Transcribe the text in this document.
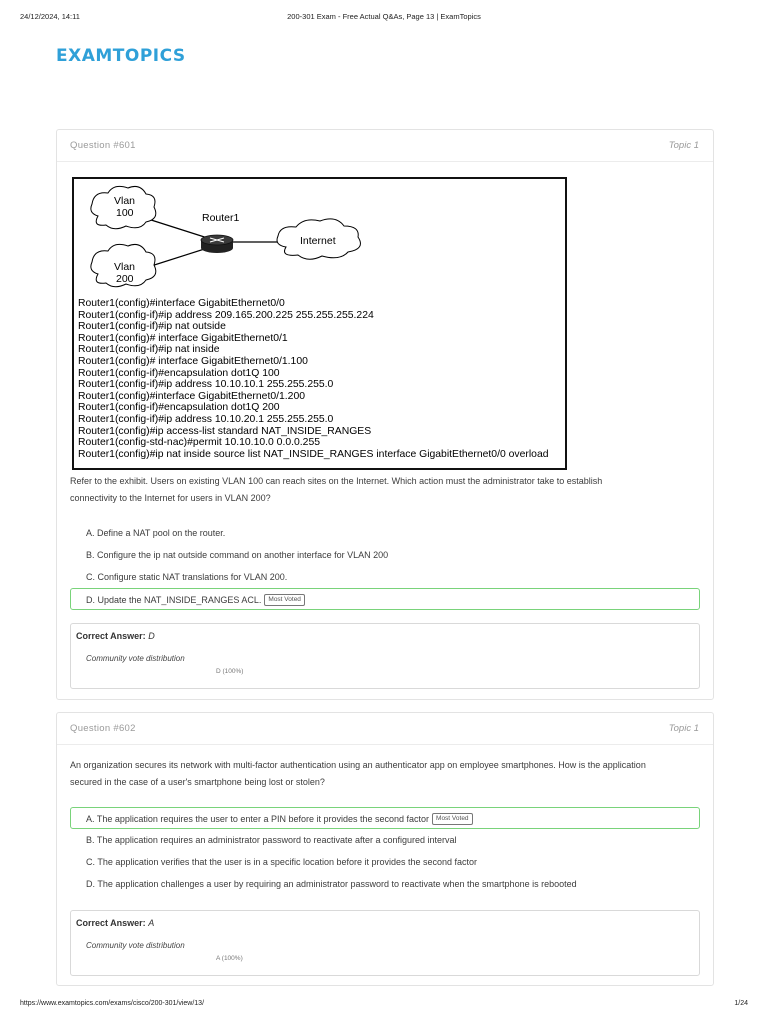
24/12/2024, 14:11	200-301 Exam - Free Actual Q&As, Page 13 | ExamTopics
EXAMTOPICS
Question #601	Topic 1
Vlan
100
Vlan
200
Router1
Internet
Router1(config)#interface GigabitEthernet0/0
Router1(config-if)#ip address 209.165.200.225 255.255.255.224
Router1(config-if)#ip nat outside
Router1(config)# interface GigabitEthernet0/1
Router1(config-if)#ip nat inside
Router1(config)# interface GigabitEthernet0/1.100
Router1(config-if)#encapsulation dot1Q 100
Router1(config-if)#ip address 10.10.10.1 255.255.255.0
Router1(config)#interface GigabitEthernet0/1.200
Router1(config-if)#encapsulation dot1Q 200
Router1(config-if)#ip address 10.10.20.1 255.255.255.0
Router1(config)#ip access-list standard NAT_INSIDE_RANGES
Router1(config-std-nac)#permit 10.10.10.0 0.0.0.255
Router1(config)#ip nat inside source list NAT_INSIDE_RANGES interface GigabitEthernet0/0 overload
Refer to the exhibit. Users on existing VLAN 100 can reach sites on the Internet. Which action must the administrator take to establish
connectivity to the Internet for users in VLAN 200?
A. Define a NAT pool on the router.
B. Configure the ip nat outside command on another interface for VLAN 200
C. Configure static NAT translations for VLAN 200.
D. Update the NAT_INSIDE_RANGES ACL. Most Voted
Correct Answer: D
Community vote distribution
D (100%)
Question #602	Topic 1
An organization secures its network with multi-factor authentication using an authenticator app on employee smartphones. How is the application
secured in the case of a user's smartphone being lost or stolen?
A. The application requires the user to enter a PIN before it provides the second factor Most Voted
B. The application requires an administrator password to reactivate after a configured interval
C. The application verifies that the user is in a specific location before it provides the second factor
D. The application challenges a user by requiring an administrator password to reactivate when the smartphone is rebooted
Correct Answer: A
Community vote distribution
A (100%)
https://www.examtopics.com/exams/cisco/200-301/view/13/	1/24
